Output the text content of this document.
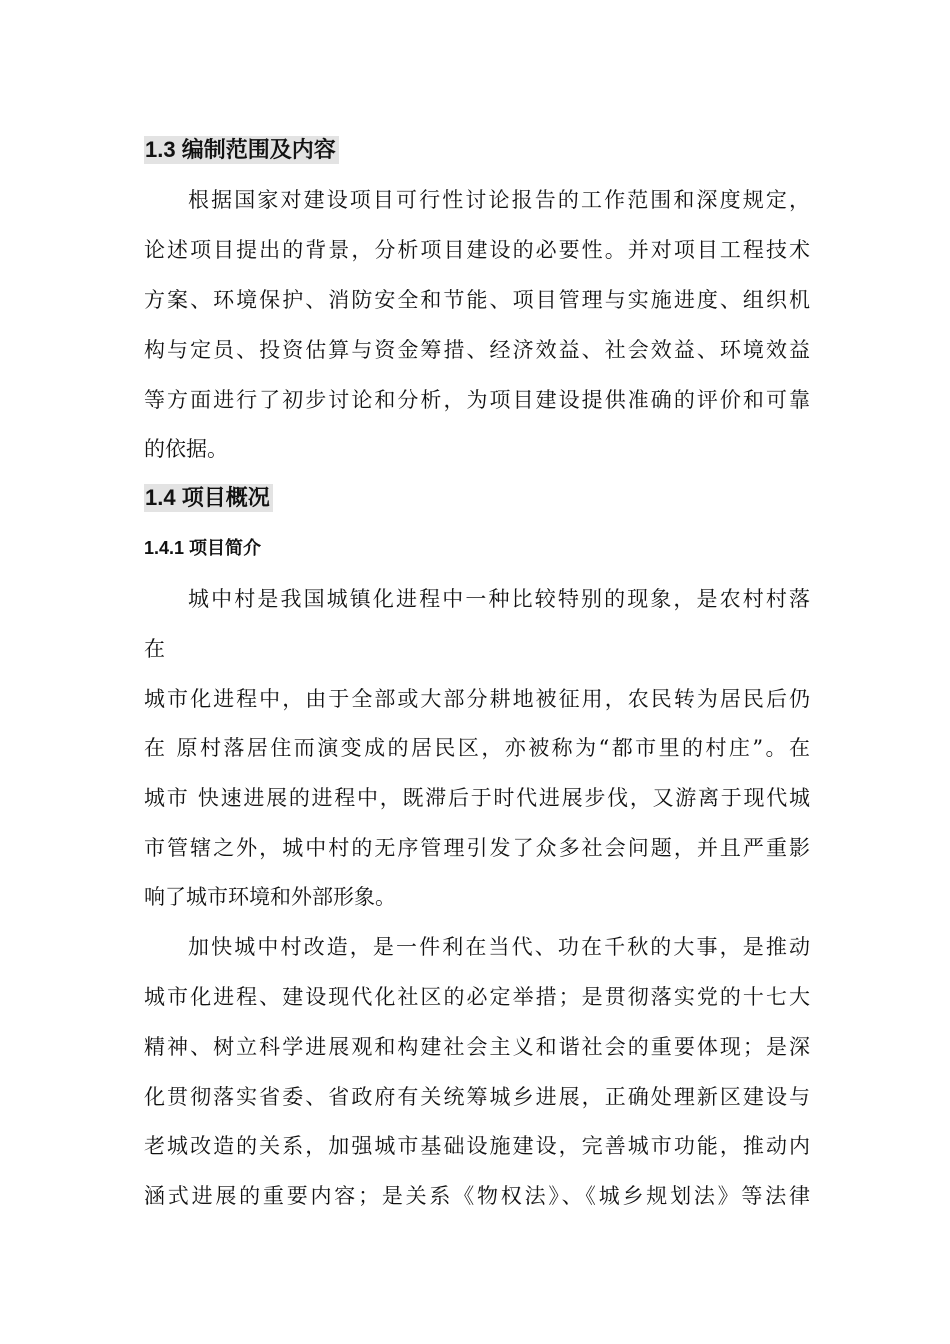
1.3 编制范围及内容
根据国家对建设项目可行性讨论报告的工作范围和深度规定，
论述项目提出的背景，分析项目建设的必要性。并对项目工程技术
方案、环境保护、消防安全和节能、项目管理与实施进度、组织机
构与定员、投资估算与资金筹措、经济效益、社会效益、环境效益
等方面进行了初步讨论和分析，为项目建设提供准确的评价和可靠
的依据。
1.4 项目概况
1.4.1 项目简介
城中村是我国城镇化进程中一种比较特别的现象，是农村村落
在
城市化进程中，由于全部或大部分耕地被征用，农民转为居民后仍
在 原村落居住而演变成的居民区，亦被称为“都市里的村庄”。在
城市 快速进展的进程中，既滞后于时代进展步伐，又游离于现代城
市管辖之外，城中村的无序管理引发了众多社会问题，并且严重影
响了城市环境和外部形象。
加快城中村改造，是一件利在当代、功在千秋的大事，是推动
城市化进程、建设现代化社区的必定举措；是贯彻落实党的十七大
精神、树立科学进展观和构建社会主义和谐社会的重要体现；是深
化贯彻落实省委、省政府有关统筹城乡进展，正确处理新区建设与
老城改造的关系，加强城市基础设施建设，完善城市功能，推动内
涵式进展的重要内容；是关系《物权法》、《城乡规划法》等法律
